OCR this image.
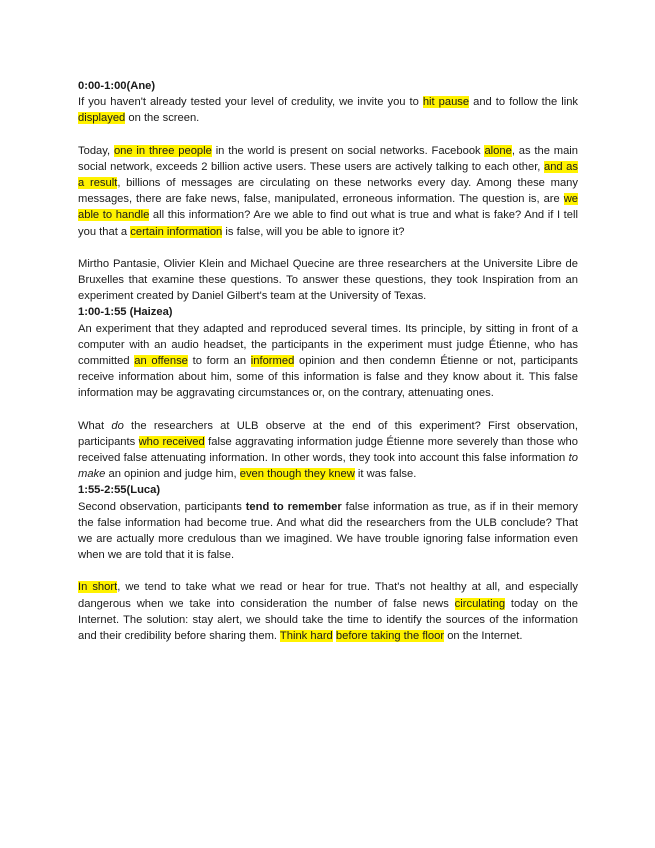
0:00-1:00(Ane)

If you haven't already tested your level of credulity, we invite you to hit pause and to follow the link displayed on the screen.

Today, one in three people in the world is present on social networks. Facebook alone, as the main social network, exceeds 2 billion active users. These users are actively talking to each other, and as a result, billions of messages are circulating on these networks every day. Among these many messages, there are fake news, false, manipulated, erroneous information. The question is, are we able to handle all this information? Are we able to find out what is true and what is fake? And if I tell you that a certain information is false, will you be able to ignore it?

Mirtho Pantasie, Olivier Klein and Michael Quecine are three researchers at the Universite Libre de Bruxelles that examine these questions. To answer these questions, they took Inspiration from an experiment created by Daniel Gilbert's team at the University of Texas.

1:00-1:55 (Haizea)

An experiment that they adapted and reproduced several times. Its principle, by sitting in front of a computer with an audio headset, the participants in the experiment must judge Étienne, who has committed an offense to form an informed opinion and then condemn Étienne or not, participants receive information about him, some of this information is false and they know about it. This false information may be aggravating circumstances or, on the contrary, attenuating ones.

What do the researchers at ULB observe at the end of this experiment? First observation, participants who received false aggravating information judge Étienne more severely than those who received false attenuating information. In other words, they took into account this false information to make an opinion and judge him, even though they knew it was false.

1:55-2:55(Luca)

Second observation, participants tend to remember false information as true, as if in their memory the false information had become true. And what did the researchers from the ULB conclude? That we are actually more credulous than we imagined. We have trouble ignoring false information even when we are told that it is false.

In short, we tend to take what we read or hear for true. That's not healthy at all, and especially dangerous when we take into consideration the number of false news circulating today on the Internet. The solution: stay alert, we should take the time to identify the sources of the information and their credibility before sharing them. Think hard before taking the floor on the Internet.
